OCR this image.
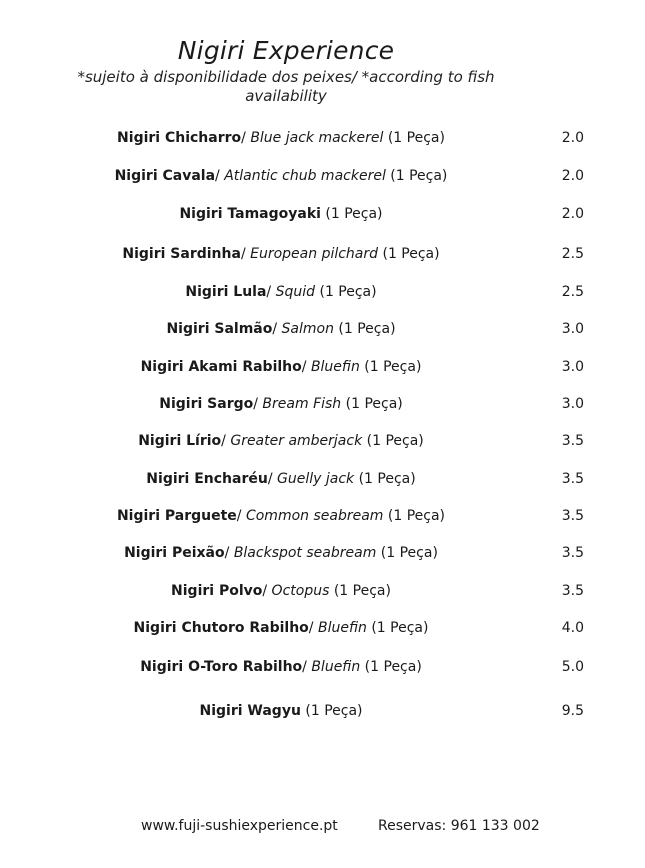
Nigiri Experience

*sujeito à disponibilidade dos peixes/ *according to fish availability

Nigiri Chicharro/ Blue jack mackerel (1 Peça)	2.0
Nigiri Cavala/ Atlantic chub mackerel (1 Peça)	2.0
Nigiri Tamagoyaki (1 Peça)	2.0
Nigiri Sardinha/ European pilchard (1 Peça)	2.5
Nigiri Lula/ Squid (1 Peça)	2.5
Nigiri Salmão/ Salmon (1 Peça)	3.0
Nigiri Akami Rabilho/ Bluefin (1 Peça)	3.0
Nigiri Sargo/ Bream Fish (1 Peça)	3.0
Nigiri Lírio/ Greater amberjack (1 Peça)	3.5
Nigiri Encharéu/ Guelly jack (1 Peça)	3.5
Nigiri Parguete/ Common seabream (1 Peça)	3.5
Nigiri Peixão/ Blackspot seabream (1 Peça)	3.5
Nigiri Polvo/ Octopus (1 Peça)	3.5
Nigiri Chutoro Rabilho/ Bluefin (1 Peça)	4.0
Nigiri O-Toro Rabilho/ Bluefin (1 Peça)	5.0
Nigiri Wagyu (1 Peça)	9.5
www.fuji-sushiexperience.pt	Reservas: 961 133 002
